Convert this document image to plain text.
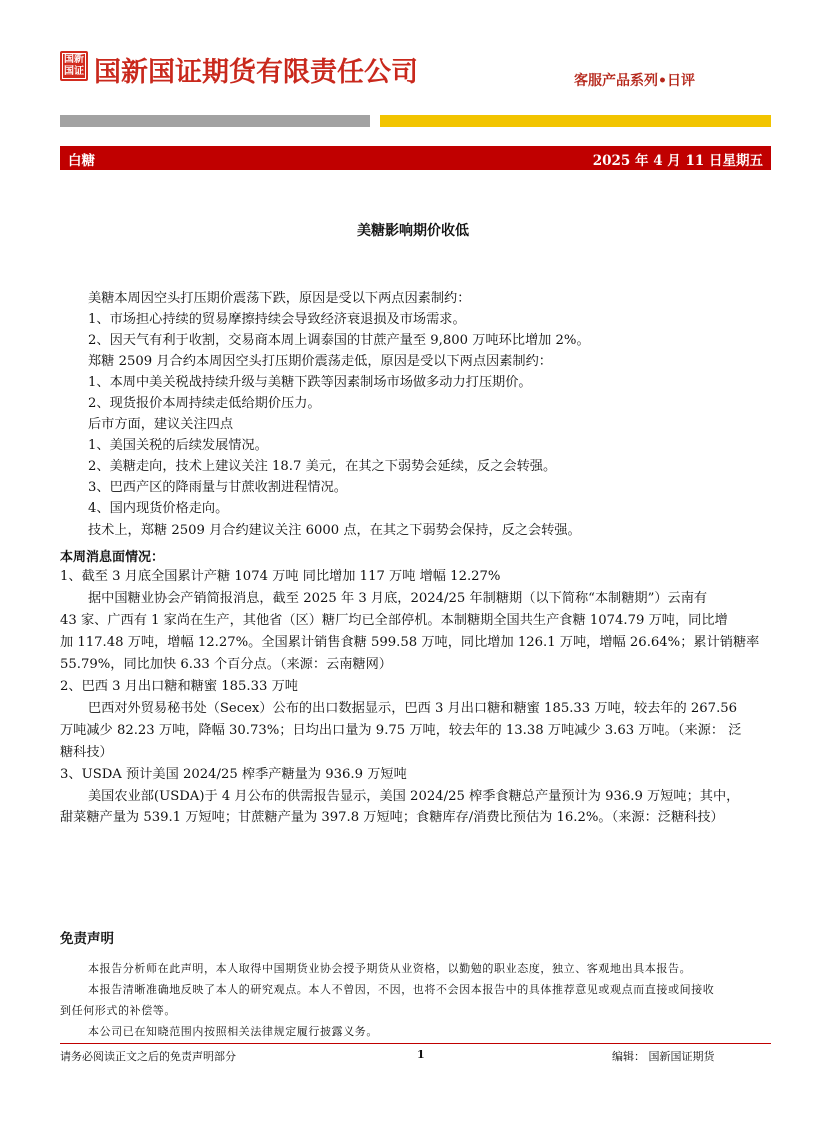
国新国证 国新国证期货有限责任公司	客服产品系列•日评
白糖	2025 年 4 月 11 日星期五
美糖影响期价收低
美糖本周因空头打压期价震荡下跌，原因是受以下两点因素制约：
1、市场担心持续的贸易摩擦持续会导致经济衰退损及市场需求。
2、因天气有利于收割，交易商本周上调泰国的甘蔗产量至 9,800 万吨环比增加 2%。
郑糖 2509 月合约本周因空头打压期价震荡走低，原因是受以下两点因素制约：
1、本周中美关税战持续升级与美糖下跌等因素制场市场做多动力打压期价。
2、现货报价本周持续走低给期价压力。
后市方面，建议关注四点
1、美国关税的后续发展情况。
2、美糖走向，技术上建议关注 18.7 美元，在其之下弱势会延续，反之会转强。
3、巴西产区的降雨量与甘蔗收割进程情况。
4、国内现货价格走向。
技术上，郑糖 2509 月合约建议关注 6000 点，在其之下弱势会保持，反之会转强。
本周消息面情况：
1、截至 3 月底全国累计产糖 1074 万吨 同比增加 117 万吨 增幅 12.27%
据中国糖业协会产销简报消息，截至 2025 年 3 月底，2024/25 年制糖期（以下简称“本制糖期”）云南有
43 家、广西有 1 家尚在生产，其他省（区）糖厂均已全部停机。本制糖期全国共生产食糖 1074.79 万吨，同比增
加 117.48 万吨，增幅 12.27%。全国累计销售食糖 599.58 万吨，同比增加 126.1 万吨，增幅 26.64%；累计销糖率
55.79%，同比加快 6.33 个百分点。（来源：云南糖网）
2、巴西 3 月出口糖和糖蜜 185.33 万吨
巴西对外贸易秘书处（Secex）公布的出口数据显示，巴西 3 月出口糖和糖蜜 185.33 万吨，较去年的 267.56
万吨减少 82.23 万吨，降幅 30.73%；日均出口量为 9.75 万吨，较去年的 13.38 万吨减少 3.63 万吨。（来源： 泛
糖科技）
3、USDA 预计美国 2024/25 榨季产糖量为 936.9 万短吨
美国农业部(USDA)于 4 月公布的供需报告显示，美国 2024/25 榨季食糖总产量预计为 936.9 万短吨；其中，
甜菜糖产量为 539.1 万短吨；甘蔗糖产量为 397.8 万短吨；食糖库存/消费比预估为 16.2%。（来源：泛糖科技）
免责声明
本报告分析师在此声明，本人取得中国期货业协会授予期货从业资格，以勤勉的职业态度，独立、客观地出具本报告。
本报告清晰准确地反映了本人的研究观点。本人不曾因，不因，也将不会因本报告中的具体推荐意见或观点而直接或间接收
到任何形式的补偿等。
本公司已在知晓范围内按照相关法律规定履行披露义务。
请务必阅读正文之后的免责声明部分	1	编辑： 国新国证期货
